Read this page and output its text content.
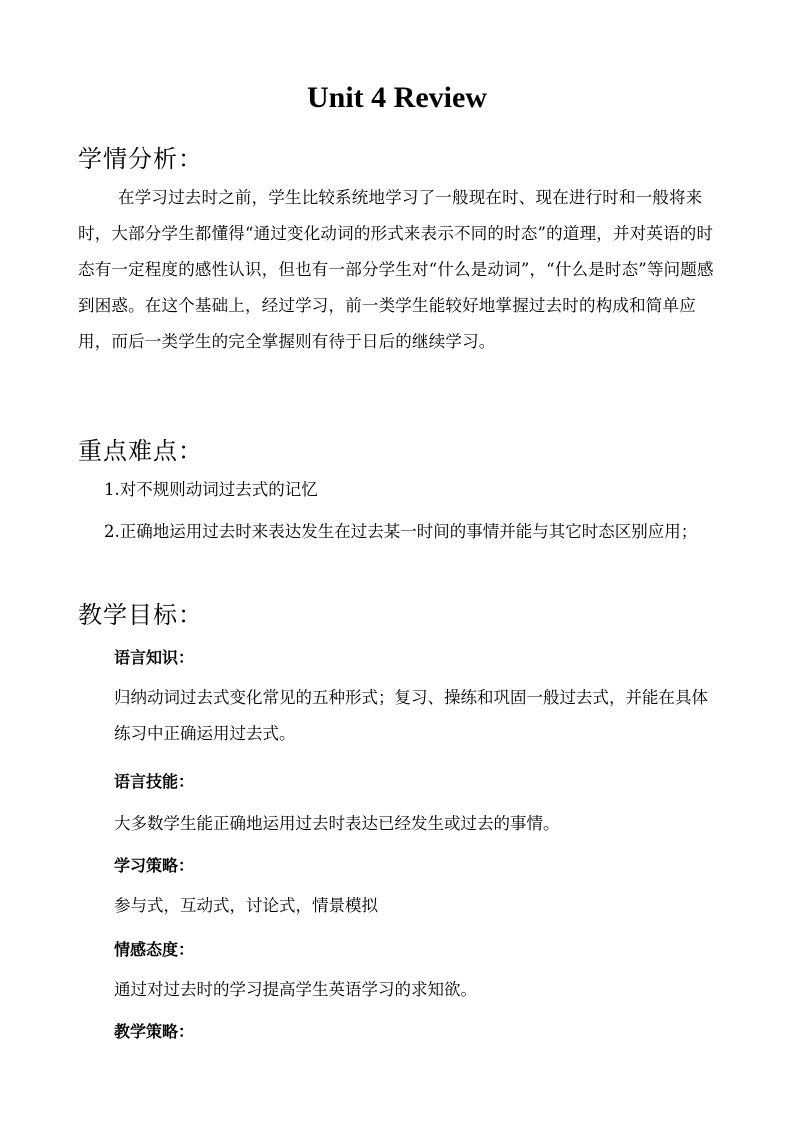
Unit 4 Review
学情分析：

在学习过去时之前，学生比较系统地学习了一般现在时、现在进行时和一般将来时，大部分学生都懂得“通过变化动词的形式来表示不同的时态”的道理，并对英语的时态有一定程度的感性认识，但也有一部分学生对“什么是动词”，“什么是时态”等问题感到困惑。在这个基础上，经过学习，前一类学生能较好地掌握过去时的构成和简单应用，而后一类学生的完全掌握则有待于日后的继续学习。

重点难点：

1.对不规则动词过去式的记忆

2.正确地运用过去时来表达发生在过去某一时间的事情并能与其它时态区别应用；

教学目标：

语言知识：

归纳动词过去式变化常见的五种形式；复习、操练和巩固一般过去式，并能在具体练习中正确运用过去式。

语言技能：

大多数学生能正确地运用过去时表达已经发生或过去的事情。

学习策略：

参与式，互动式，讨论式，情景模拟

情感态度：

通过对过去时的学习提高学生英语学习的求知欲。

教学策略：
